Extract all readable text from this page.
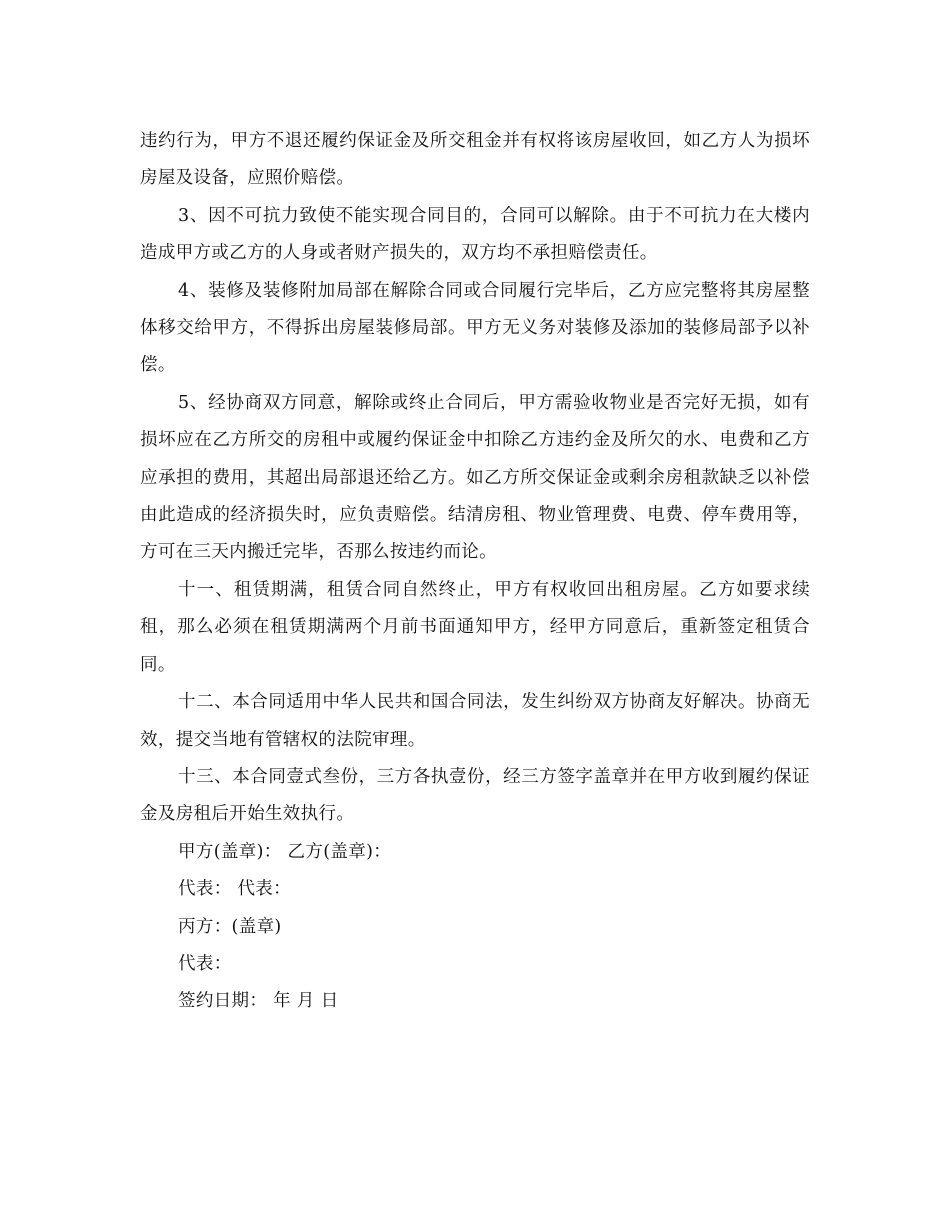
违约行为，甲方不退还履约保证金及所交租金并有权将该房屋收回，如乙方人为损坏房屋及设备，应照价赔偿。

3、因不可抗力致使不能实现合同目的，合同可以解除。由于不可抗力在大楼内造成甲方或乙方的人身或者财产损失的，双方均不承担赔偿责任。

4、装修及装修附加局部在解除合同或合同履行完毕后，乙方应完整将其房屋整体移交给甲方，不得拆出房屋装修局部。甲方无义务对装修及添加的装修局部予以补偿。

5、经协商双方同意，解除或终止合同后，甲方需验收物业是否完好无损，如有损坏应在乙方所交的房租中或履约保证金中扣除乙方违约金及所欠的水、电费和乙方应承担的费用，其超出局部退还给乙方。如乙方所交保证金或剩余房租款缺乏以补偿由此造成的经济损失时，应负责赔偿。结清房租、物业管理费、电费、停车费用等，方可在三天内搬迁完毕，否那么按违约而论。

十一、租赁期满，租赁合同自然终止，甲方有权收回出租房屋。乙方如要求续租，那么必须在租赁期满两个月前书面通知甲方，经甲方同意后，重新签定租赁合同。

十二、本合同适用中华人民共和国合同法，发生纠纷双方协商友好解决。协商无效，提交当地有管辖权的法院审理。

十三、本合同壹式叁份，三方各执壹份，经三方签字盖章并在甲方收到履约保证金及房租后开始生效执行。

甲方(盖章)： 乙方(盖章)：

代表： 代表：

丙方：(盖章)

代表：

签约日期： 年 月 日
